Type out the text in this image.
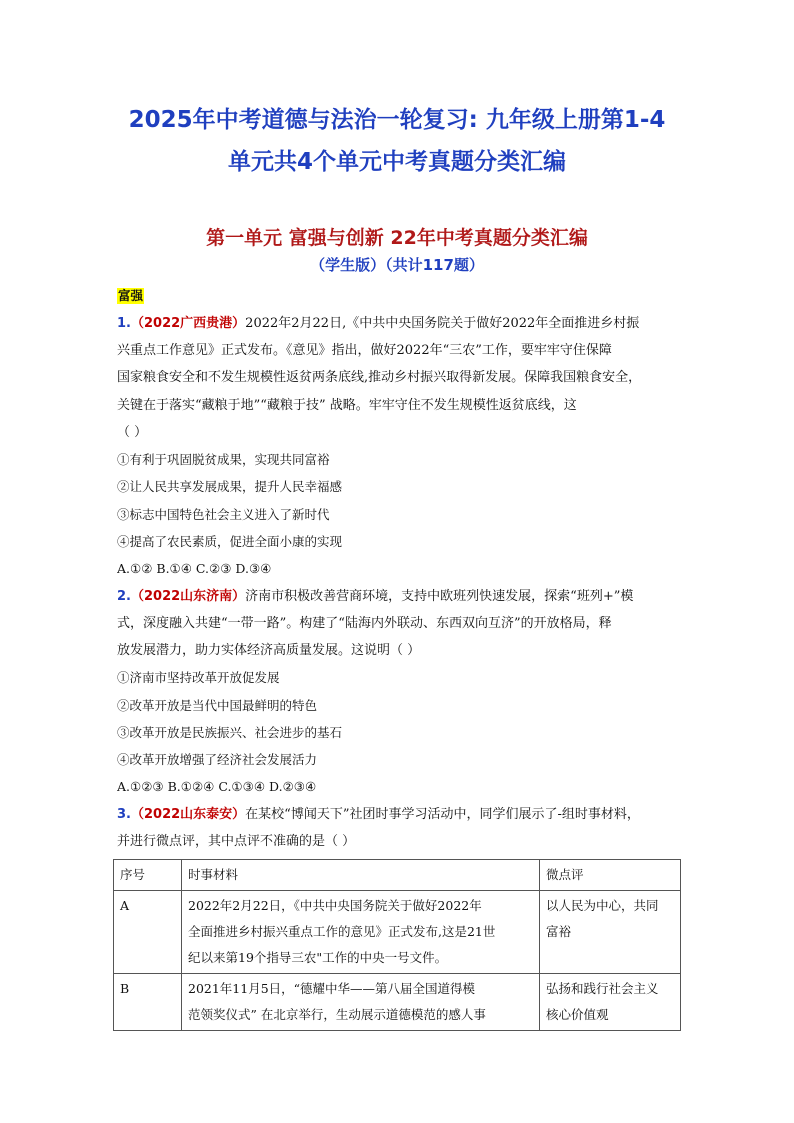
2025年中考道德与法治一轮复习: 九年级上册第1-4
单元共4个单元中考真题分类汇编
第一单元 富强与创新 22年中考真题分类汇编
（学生版）（共计117题）
富强
1.（2022广西贵港）2022年2月22日,《中共中央国务院关于做好2022年全面推进乡村振
兴重点工作意见》正式发布。《意见》指出，做好2022年“三农”工作，要牢牢守住保障
国家粮食安全和不发生规模性返贫两条底线,推动乡村振兴取得新发展。保障我国粮食安全，
关键在于落实“藏粮于地”“藏粮于技” 战略。牢牢守住不发生规模性返贫底线，这
（ ）
①有利于巩固脱贫成果，实现共同富裕
②让人民共享发展成果，提升人民幸福感
③标志中国特色社会主义进入了新时代
④提高了农民素质，促进全面小康的实现
A.①② B.①④ C.②③ D.③④
2.（2022山东济南）济南市积极改善营商环境，支持中欧班列快速发展，探索“班列+”模
式，深度融入共建“一带一路”。构建了“陆海内外联动、东西双向互济”的开放格局，释
放发展潜力，助力实体经济高质量发展。这说明（ ）
①济南市坚持改革开放促发展
②改革开放是当代中国最鲜明的特色
③改革开放是民族振兴、社会进步的基石
④改革开放增强了经济社会发展活力
A.①②③ B.①②④ C.①③④ D.②③④
3.（2022山东泰安）在某校“博闻天下”社团时事学习活动中，同学们展示了-组时事材料，
并进行微点评，其中点评不准确的是（ ）
序号	时事材料	微点评
A	2022年2月22日，《中共中央国务院关于做好2022年
全面推进乡村振兴重点工作的意见》正式发布,这是21世
纪以来第19个指导三农"工作的中央一号文件。	以人民为中心，共同
富裕

B	2021年11月5日，“德耀中华——第八届全国道得模
范领奖仪式” 在北京举行，生动展示道德模范的感人事	弘扬和践行社会主义
核心价值观
